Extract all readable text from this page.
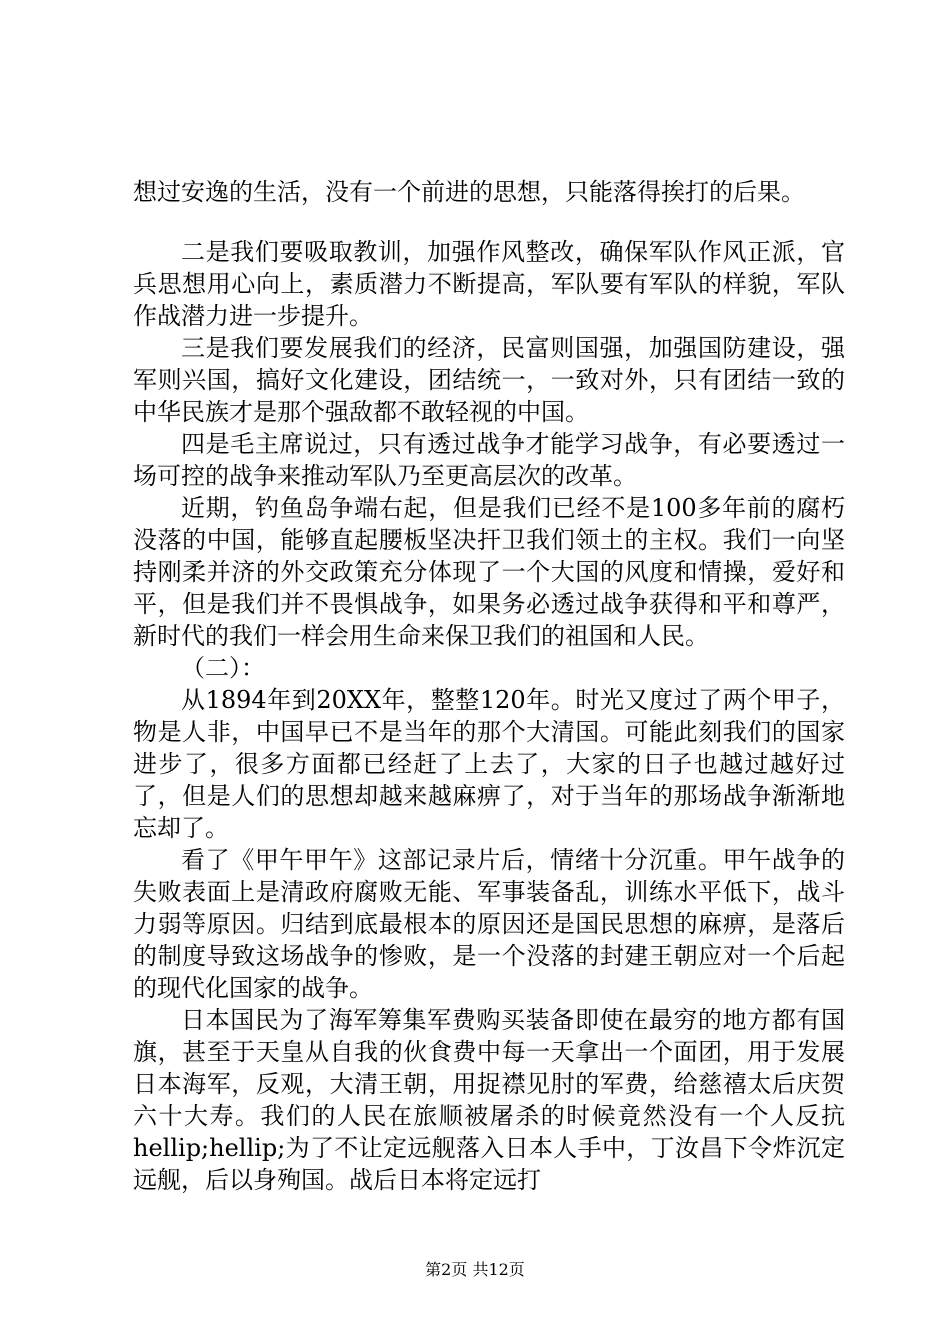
想过安逸的生活，没有一个前进的思想，只能落得挨打的后果。

二是我们要吸取教训，加强作风整改，确保军队作风正派，官兵思想用心向上，素质潜力不断提高，军队要有军队的样貌，军队作战潜力进一步提升。

三是我们要发展我们的经济，民富则国强，加强国防建设，强军则兴国，搞好文化建设，团结统一，一致对外，只有团结一致的中华民族才是那个强敌都不敢轻视的中国。

四是毛主席说过，只有透过战争才能学习战争，有必要透过一场可控的战争来推动军队乃至更高层次的改革。

近期，钓鱼岛争端右起，但是我们已经不是100多年前的腐朽没落的中国，能够直起腰板坚决扞卫我们领土的主权。我们一向坚持刚柔并济的外交政策充分体现了一个大国的风度和情操，爱好和平，但是我们并不畏惧战争，如果务必透过战争获得和平和尊严，新时代的我们一样会用生命来保卫我们的祖国和人民。

（二）：

从1894年到20XX年，整整120年。时光又度过了两个甲子，物是人非，中国早已不是当年的那个大清国。可能此刻我们的国家进步了，很多方面都已经赶了上去了，大家的日子也越过越好过了，但是人们的思想却越来越麻痹了，对于当年的那场战争渐渐地忘却了。

看了《甲午甲午》这部记录片后，情绪十分沉重。甲午战争的失败表面上是清政府腐败无能、军事装备乱，训练水平低下，战斗力弱等原因。归结到底最根本的原因还是国民思想的麻痹，是落后的制度导致这场战争的惨败，是一个没落的封建王朝应对一个后起的现代化国家的战争。

日本国民为了海军筹集军费购买装备即使在最穷的地方都有国旗，甚至于天皇从自我的伙食费中每一天拿出一个面团，用于发展日本海军，反观，大清王朝，用捉襟见肘的军费，给慈禧太后庆贺六十大寿。我们的人民在旅顺被屠杀的时候竟然没有一个人反抗hellip;hellip;为了不让定远舰落入日本人手中，丁汝昌下令炸沉定远舰，后以身殉国。战后日本将定远打

第2页 共12页
